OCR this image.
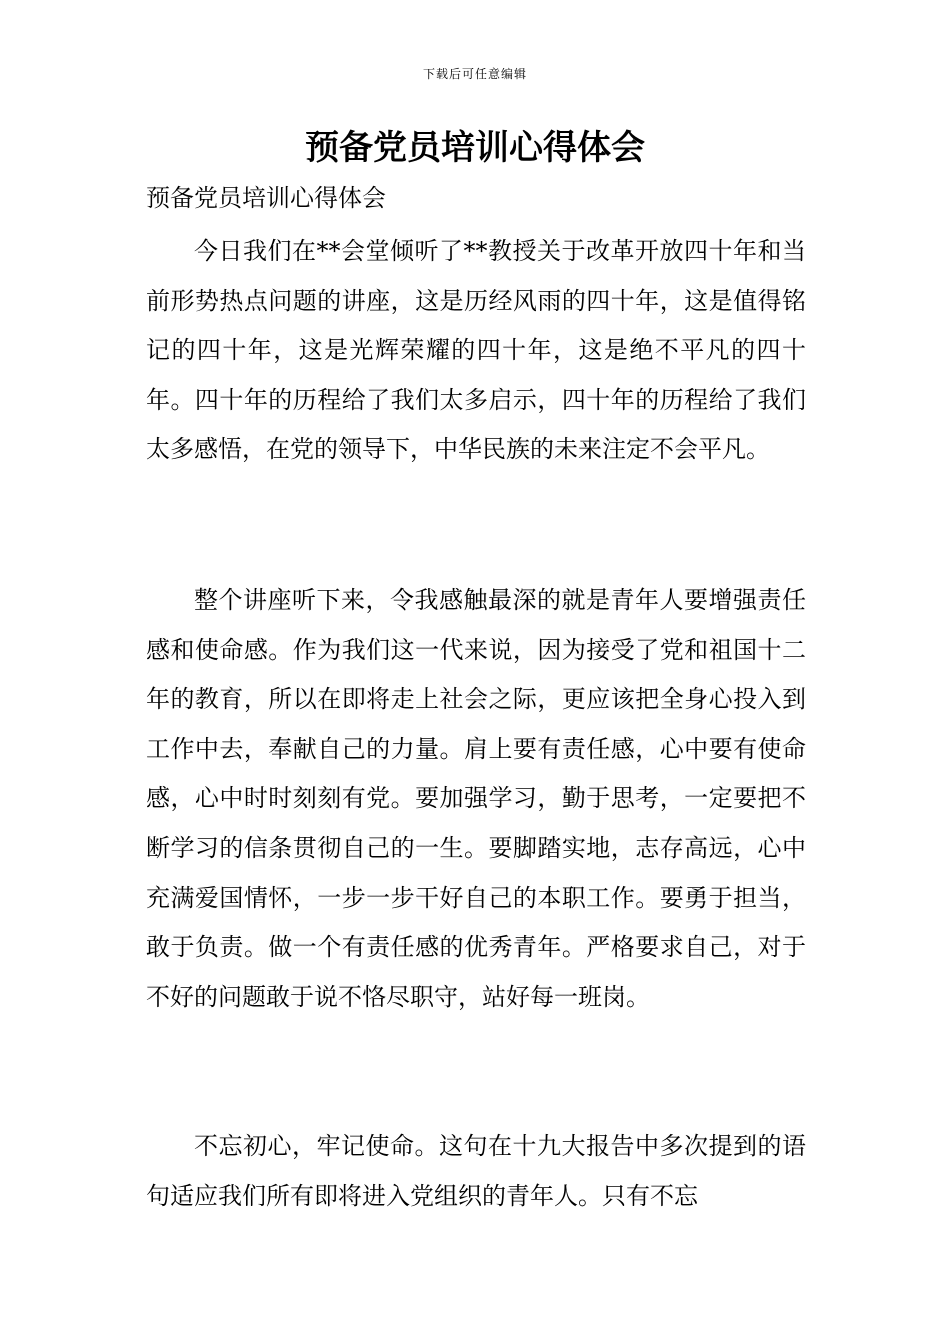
下载后可任意编辑
预备党员培训心得体会

预备党员培训心得体会

今日我们在**会堂倾听了**教授关于改革开放四十年和当前形势热点问题的讲座，这是历经风雨的四十年，这是值得铭记的四十年，这是光辉荣耀的四十年，这是绝不平凡的四十年。四十年的历程给了我们太多启示，四十年的历程给了我们太多感悟，在党的领导下，中华民族的未来注定不会平凡。

整个讲座听下来，令我感触最深的就是青年人要增强责任感和使命感。作为我们这一代来说，因为接受了党和祖国十二年的教育，所以在即将走上社会之际，更应该把全身心投入到工作中去，奉献自己的力量。肩上要有责任感，心中要有使命感，心中时时刻刻有党。要加强学习，勤于思考，一定要把不断学习的信条贯彻自己的一生。要脚踏实地，志存高远，心中充满爱国情怀，一步一步干好自己的本职工作。要勇于担当，敢于负责。做一个有责任感的优秀青年。严格要求自己，对于不好的问题敢于说不恪尽职守，站好每一班岗。

不忘初心，牢记使命。这句在十九大报告中多次提到的语句适应我们所有即将进入党组织的青年人。只有不忘
